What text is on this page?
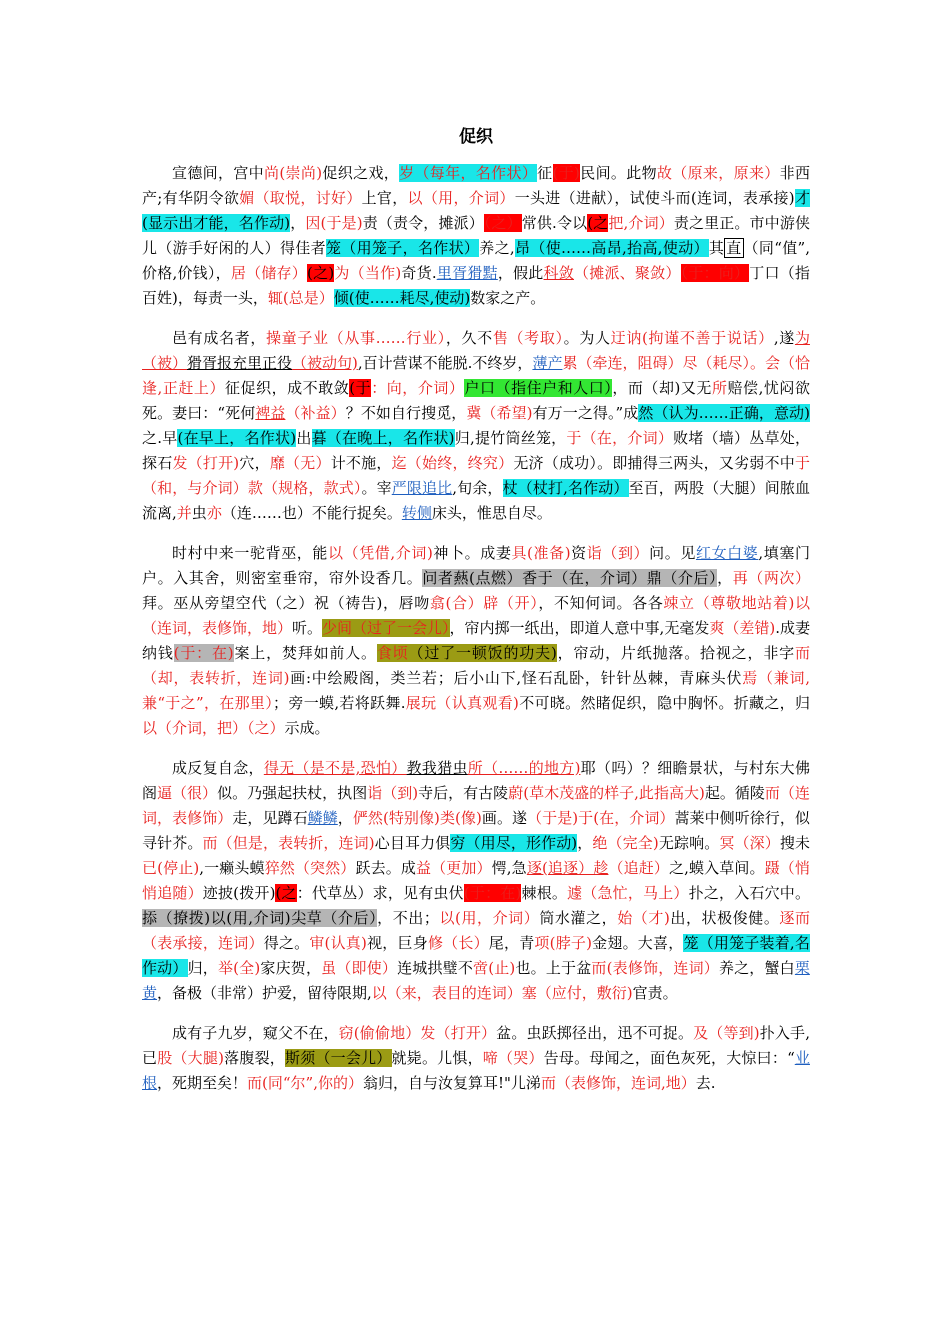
促织

宣德间，宫中尚(崇尚)促织之戏，岁（每年，名作状）征(于)民间。此物故（原来，原来）非西产;有华阴令欲媚（取悦，讨好）上官，以（用，介词）一头进（进献），试使斗而(连词，表承接)才(显示出才能，名作动)，因(于是)责（责令，摊派）（之）常供.令以(之把,介词）责之里正。市中游侠儿（游手好闲的人）得佳者笼（用笼子，名作状）养之,昂（使……高昂,抬高,使动）其 直 （同“值”,价格,价钱），居（储存）(之)为（当作)奇货.里胥猾黠，假此科敛（摊派、聚敛）（于：向）丁口（指百姓)，每责一头，辄(总是）倾(使……耗尽,使动)数家之产。

邑有成名者，操童子业（从事……行业），久不售（考取）。为人迂讷(拘谨不善于说话）,遂为（被）猾胥报充里正役（被动句),百计营谋不能脱.不终岁，薄产累（牵连，阻碍）尽（耗尽）。会（恰逢,正赶上）征促织，成不敢敛(于：向，介词）户口（指住户和人口），而（却)又无所赔偿,忧闷欲死。妻曰：“死何裨益（补益）？不如自行搜觅，冀（希望)有万一之得。”成然（认为……正确，意动)之.早(在早上，名作状)出暮（在晚上，名作状)归,提竹筒丝笼，于（在，介词）败堵（墙）丛草处，探石发（打开)穴，靡（无）计不施，迄（始终，终究）无济（成功）。即捕得三两头，又劣弱不中于（和，与介词）款（规格，款式）。宰严限追比,旬余，杖（杖打,名作动）至百，两股（大腿）间脓血流离,并虫亦（连……也）不能行捉矣。转侧床头，惟思自尽。

时村中来一驼背巫，能以（凭借,介词)神卜。成妻具(准备)资诣（到）问。见红女白婆,填塞门户。入其舍，则密室垂帘，帘外设香几。问者爇(点燃）香于（在，介词）鼎（介后），再（两次）拜。巫从旁望空代（之）祝（祷告)，唇吻翕(合）辟（开），不知何词。各各竦立（尊敬地站着)以（连词，表修饰，地）听。少间（过了一会儿），帘内掷一纸出，即道人意中事,无毫发爽（差错).成妻纳钱(于：在)案上，焚拜如前人。食顷（过了一顿饭的功夫)，帘动，片纸抛落。拾视之，非字而（却，表转折，连词)画:中绘殿阁，类兰若；后小山下,怪石乱卧，针针丛棘，青麻头伏焉（兼词,兼“于之”，在那里）；旁一蟆,若将跃舞.展玩（认真观看)不可晓。然睹促织，隐中胸怀。折藏之，归以（介词，把）（之）示成。

成反复自念，得无（是不是,恐怕）教我猎虫所（……的地方)耶（吗）？细瞻景状，与村东大佛阁逼（很）似。乃强起扶杖，执图诣（到)寺后，有古陵蔚(草木茂盛的样子,此指高大)起。循陵而（连词，表修饰）走，见蹲石鳞鳞，俨然(特别像)类(像)画。遂（于是)于(在，介词）蒿莱中侧听徐行，似寻针芥。而（但是，表转折，连词)心目耳力俱穷（用尽，形作动)，绝（完全)无踪响。冥（深）搜未已(停止),一癞头蟆猝然（突然）跃去。成益（更加）愕,急逐(追逐）趁（追赶）之,蟆入草间。蹑（悄悄追随）迹披(拨开)(之：代草丛）求，见有虫伏(于：在)棘根。遽（急忙，马上）扑之，入石穴中。掭（撩拨)以(用,介词)尖草（介后），不出；以(用，介词）筒水灌之，始（才)出，状极俊健。逐而（表承接，连词）得之。审(认真)视，巨身修（长）尾，青项(脖子)金翅。大喜，笼（用笼子装着,名作动）归，举(全)家庆贺，虽（即使）连城拱璧不啻(止)也。上于盆而(表修饰，连词）养之，蟹白栗黄，备极（非常）护爱，留待限期,以（来，表目的连词）塞（应付，敷衍)官责。

成有子九岁，窥父不在，窃(偷偷地）发（打开）盆。虫跃掷径出，迅不可捉。及（等到)扑入手,已股（大腿)落腹裂，斯须（一会儿）就毙。儿惧，啼（哭）告母。母闻之，面色灰死，大惊曰：“业根，死期至矣！而(同“尔”,你的）翁归，自与汝复算耳!"儿涕而（表修饰，连词,地）去.
